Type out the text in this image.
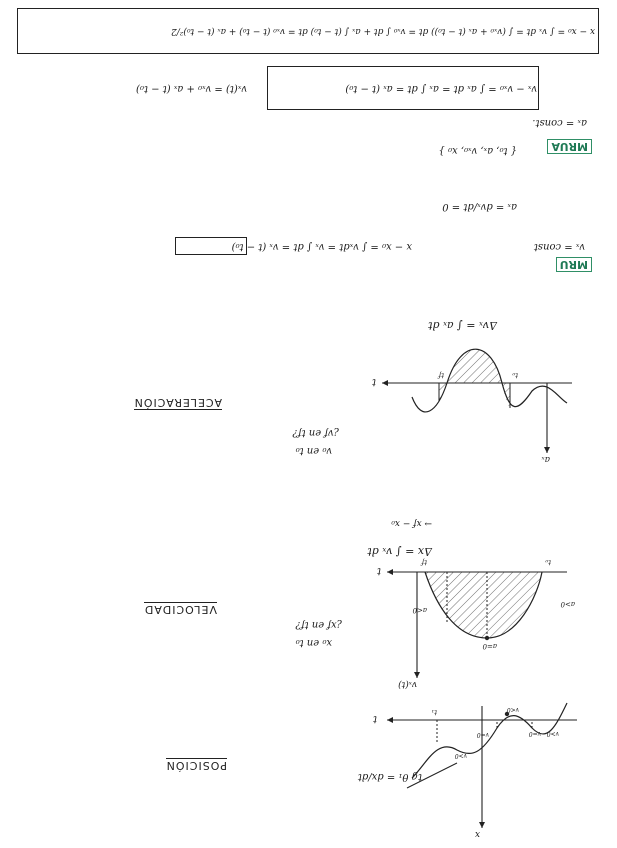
POSICIÓN
x
t
v>0
v=0
v<0
v=0
v>0
t₁
tg θ₁ = dx/dt
VELOCIDAD
vₓ(t)
t
t₀
tf
a>0
a<0
a=0
x₀ en t₀
¿xf en tf?
Δx = ∫ vₓ dt
→ xf − x₀
ACELERACIÓN
aₓ
t
t₀
tf
v₀ en t₀
¿vf en tf?
Δvₓ = ∫ aₓ dt
MRU
vₓ = const
x − x₀ = ∫ vₓdt = vₓ ∫ dt = vₓ (t − t₀)
aₓ = dvₓ/dt = 0
MRUA
{ t₀, aₓ, vₓ₀, x₀ }
aₓ = const.
vₓ − vₓ₀ = ∫ aₓ dt = aₓ ∫ dt = aₓ (t − t₀)
vₓ(t) = vₓ₀ + aₓ (t − t₀)
x − x₀ = ∫ vₓ dt = ∫ (vₓ₀ + aₓ (t − t₀)) dt = vₓ₀ ∫ dt + aₓ ∫ (t − t₀) dt = vₓ₀ (t − t₀) + aₓ (t − t₀)²/2
